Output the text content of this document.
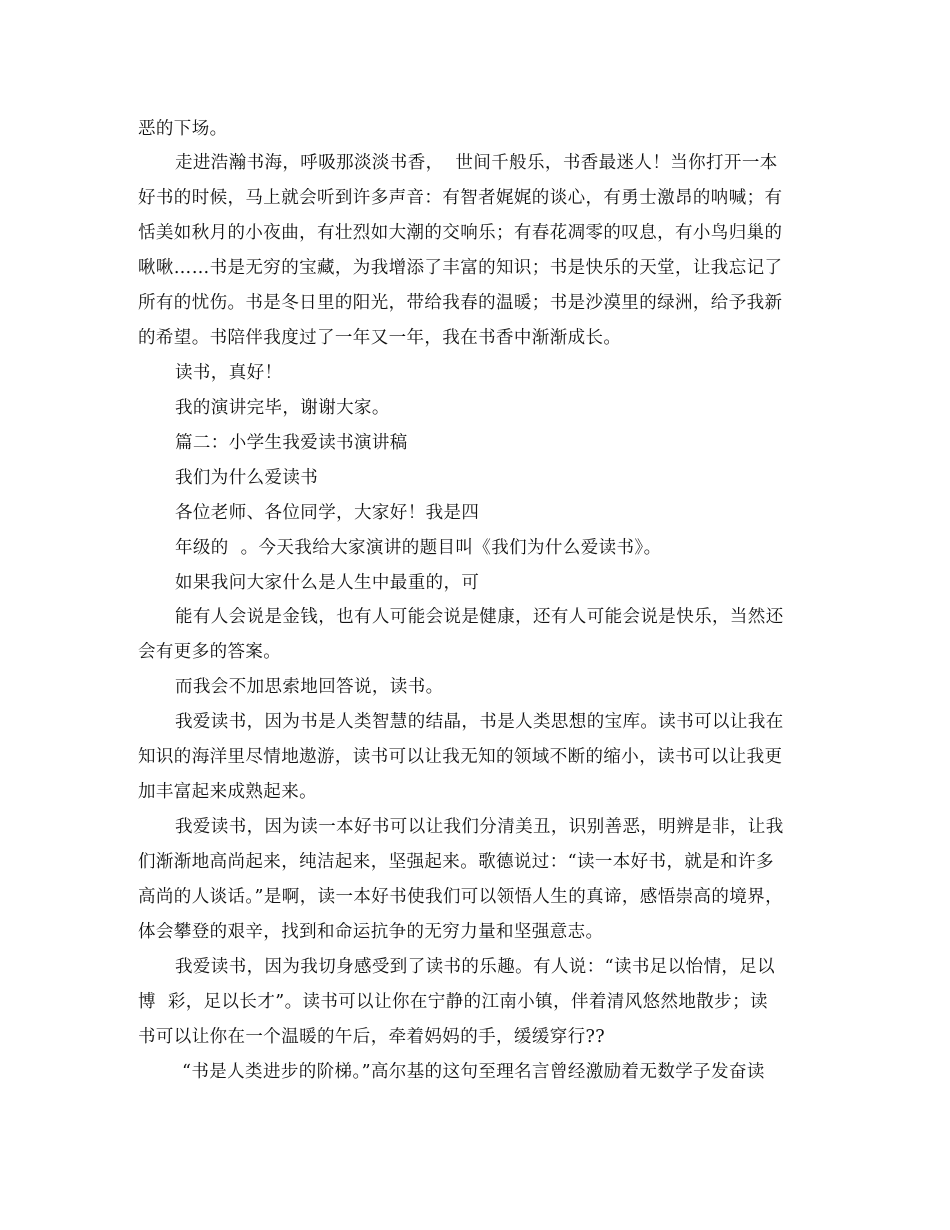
恶的下场。
走进浩瀚书海，呼吸那淡淡书香，  世间千般乐，书香最迷人！当你打开一本
好书的时候，马上就会听到许多声音：有智者娓娓的谈心，有勇士激昂的呐喊；有
恬美如秋月的小夜曲，有壮烈如大潮的交响乐；有春花凋零的叹息，有小鸟归巢的
啾啾……书是无穷的宝藏，为我增添了丰富的知识；书是快乐的天堂，让我忘记了
所有的忧伤。书是冬日里的阳光，带给我春的温暖；书是沙漠里的绿洲，给予我新
的希望。书陪伴我度过了一年又一年，我在书香中渐渐成长。
读书，真好！
我的演讲完毕，谢谢大家。
篇二：小学生我爱读书演讲稿
我们为什么爱读书
各位老师、各位同学，大家好！我是四
年级的  。今天我给大家演讲的题目叫《我们为什么爱读书》。
如果我问大家什么是人生中最重的，可
能有人会说是金钱，也有人可能会说是健康，还有人可能会说是快乐，当然还
会有更多的答案。
而我会不加思索地回答说，读书。
我爱读书，因为书是人类智慧的结晶，书是人类思想的宝库。读书可以让我在
知识的海洋里尽情地遨游，读书可以让我无知的领域不断的缩小，读书可以让我更
加丰富起来成熟起来。
我爱读书，因为读一本好书可以让我们分清美丑，识别善恶，明辨是非，让我
们渐渐地高尚起来，纯洁起来，坚强起来。歌德说过：“读一本好书，就是和许多
高尚的人谈话。”是啊，读一本好书使我们可以领悟人生的真谛，感悟崇高的境界，
体会攀登的艰辛，找到和命运抗争的无穷力量和坚强意志。
我爱读书，因为我切身感受到了读书的乐趣。有人说：“读书足以怡情，足以
博  彩，足以长才”。读书可以让你在宁静的江南小镇，伴着清风悠然地散步；读
书可以让你在一个温暖的午后，牵着妈妈的手，缓缓穿行??
“书是人类进步的阶梯。”高尔基的这句至理名言曾经激励着无数学子发奋读
